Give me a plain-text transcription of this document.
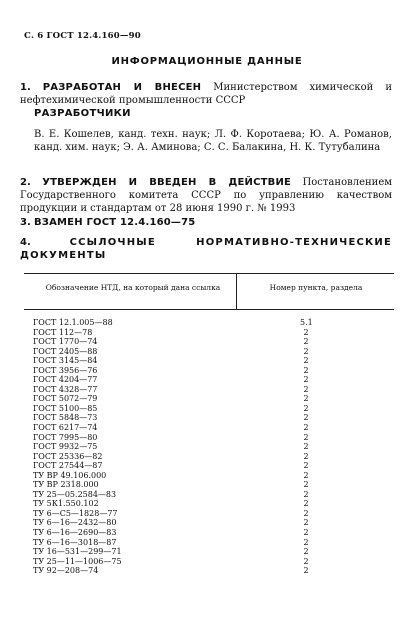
С. 6 ГОСТ 12.4.160—90
ИНФОРМАЦИОННЫЕ ДАННЫЕ
1. РАЗРАБОТАН И ВНЕСЕН Министерством химической и нефтехимической промышленности СССР
РАЗРАБОТЧИКИ
В. Е. Кошелев, канд. техн. наук; Л. Ф. Коротаева; Ю. А. Романов, канд. хим. наук; Э. А. Аминова; С. С. Балакина, Н. К. Тутубалина
2. УТВЕРЖДЕН И ВВЕДЕН В ДЕЙСТВИЕ Постановлением Государственного комитета СССР по управлению качеством продукции и стандартам от 28 июня 1990 г. № 1993
3. ВЗАМЕН ГОСТ 12.4.160—75
4.	ССЫЛОЧНЫЕ НОРМАТИВНО-ТЕХНИЧЕСКИЕ ДОКУМЕНТЫ
Обозначение НТД, на который дана ссылка	Номер пункта, раздела
ГОСТ 12.1.005—88	5.1
ГОСТ 112—78	2
ГОСТ 1770—74	2
ГОСТ 2405—88	2
ГОСТ 3145—84	2
ГОСТ 3956—76	2
ГОСТ 4204—77	2
ГОСТ 4328—77	2
ГОСТ 5072—79	2
ГОСТ 5100—85	2
ГОСТ 5848—73	2
ГОСТ 6217—74	2
ГОСТ 7995—80	2
ГОСТ 9932—75	2
ГОСТ 25336—82	2
ГОСТ 27544—87	2
ТУ ВР 49.106.000	2
ТУ ВР 2318.000	2
ТУ 25—05.2584—83	2
ТУ 5К1.550.102	2
ТУ 6—С5—1828—77	2
ТУ 6—16—2432—80	2
ТУ 6—16—2690—83	2
ТУ 6—16—3018—87	2
ТУ 16—531—299—71	2
ТУ 25—11—1006—75	2
ТУ 92—208—74	2
